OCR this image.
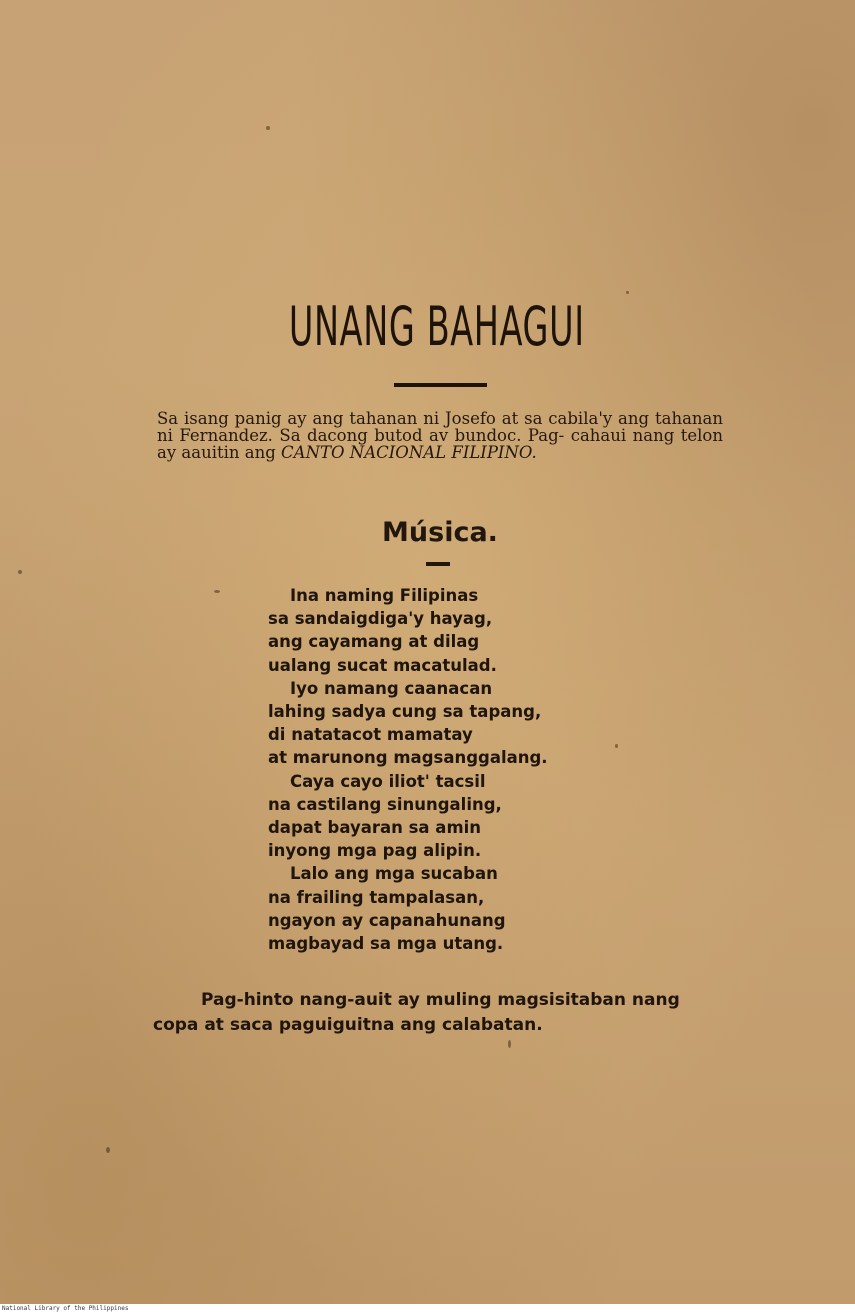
UNANG BAHAGUI
Sa isang panig ay ang tahanan ni Josefo at sa cabila'y ang tahanan ni Fernandez. Sa dacong butod av bundoc. Pag- cahaui nang telon ay aauitin ang CANTO NACIONAL FILIPINO.
Música.
Ina naming Filipinas
sa sandaigdiga'y hayag,
ang cayamang at dilag
ualang sucat macatulad.
Iyo namang caanacan
lahing sadya cung sa tapang,
di natatacot mamatay
at marunong magsanggalang.
Caya cayo iliot' tacsil
na castilang sinungaling,
dapat bayaran sa amin
inyong mga pag alipin.
Lalo ang mga sucaban
na frailing tampalasan,
ngayon ay capanahunang
magbayad sa mga utang.
Pag-hinto nang-auit ay muling magsisitaban nang copa at saca paguiguitna ang calabatan.
National Library of the Philippines
